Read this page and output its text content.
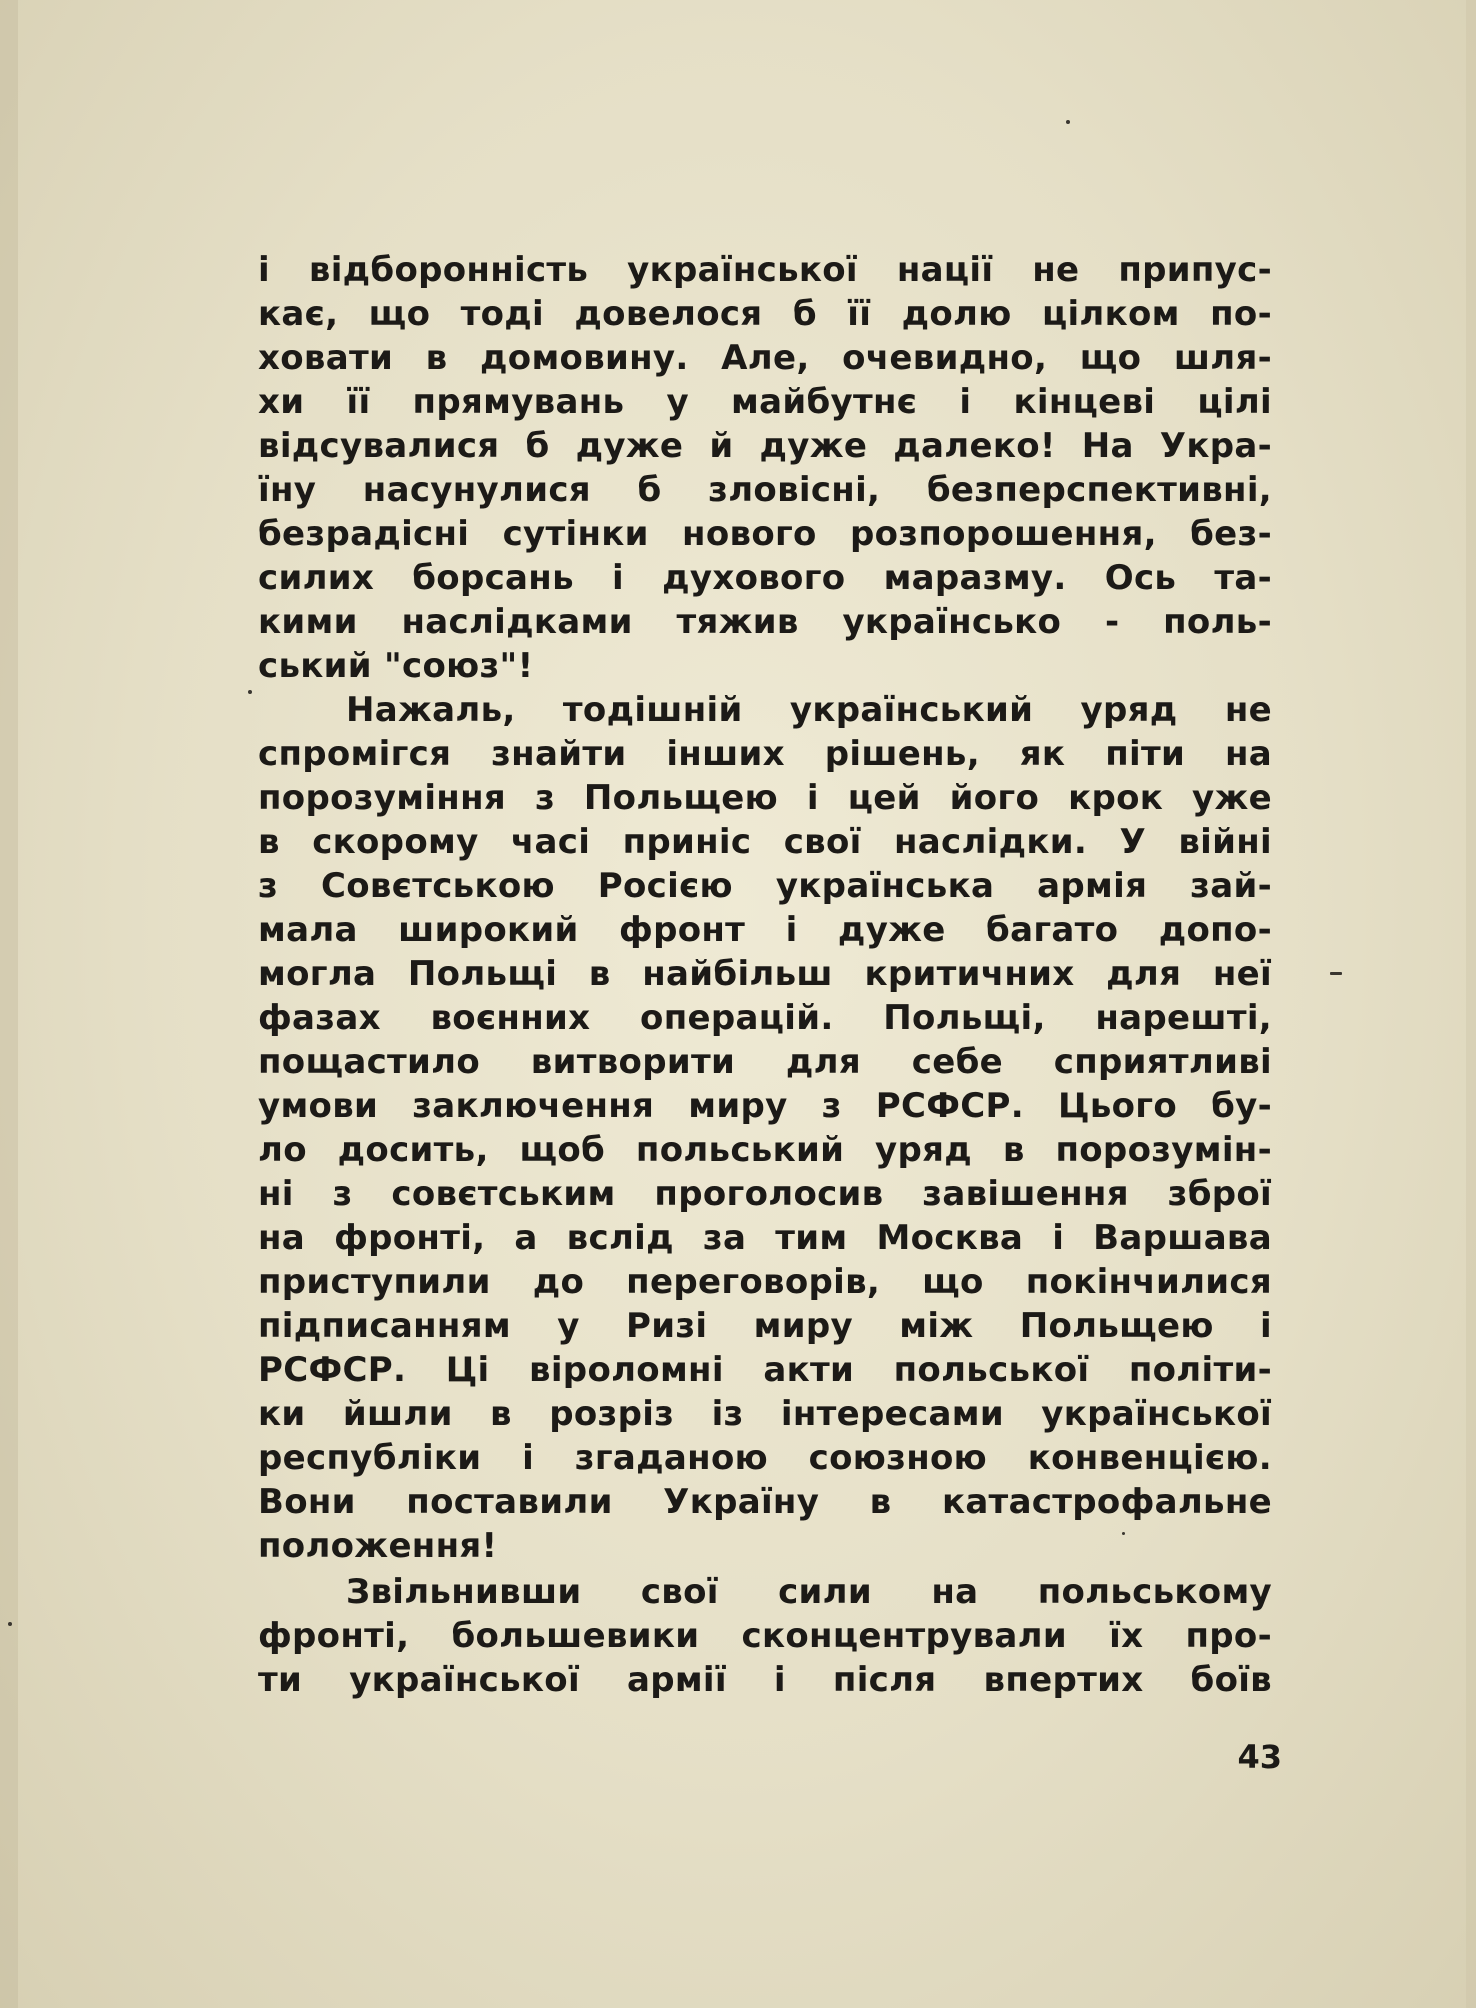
і відборонність української нації не припус-
кає, що тоді довелося б її долю цілком по-
ховати в домовину. Але, очевидно, що шля-
хи її прямувань у майбутнє і кінцеві цілі
відсувалися б дуже й дуже далеко! На Укра-
їну насунулися б зловісні, безперспективні,
безрадісні сутінки нового розпорошення, без-
силих борсань і духового маразму. Ось та-
кими наслідками тяжив українсько - поль-
ський "союз"!
Нажаль, тодішній український уряд не
спромігся знайти інших рішень, як піти на
порозуміння з Польщею і цей його крок уже
в скорому часі приніс свої наслідки. У війні
з Совєтською Росією українська армія зай-
мала широкий фронт і дуже багато допо-
могла Польщі в найбільш критичних для неї
фазах воєнних операцій. Польщі, нарешті,
пощастило витворити для себе сприятливі
умови заключення миру з РСФСР. Цього бу-
ло досить, щоб польський уряд в порозумін-
ні з совєтським проголосив завішення зброї
на фронті, а вслід за тим Москва і Варшава
приступили до переговорів, що покінчилися
підписанням у Ризі миру між Польщею і
РСФСР. Ці віроломні акти польської політи-
ки йшли в розріз із інтересами української
республіки і згаданою союзною конвенцією.
Вони поставили Україну в катастрофальне
положення!
Звільнивши свої сили на польському
фронті, большевики сконцентрували їх про-
ти української армії і після впертих боїв
43
